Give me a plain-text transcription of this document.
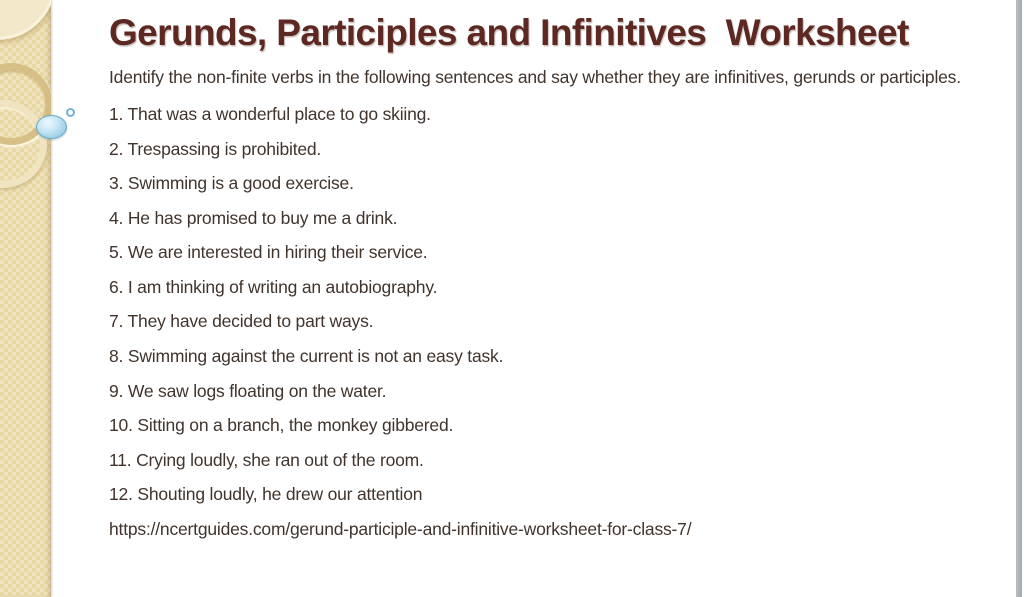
Gerunds, Participles and Infinitives  Worksheet

Identify the non-finite verbs in the following sentences and say whether they are infinitives, gerunds or participles.

1. That was a wonderful place to go skiing.
2. Trespassing is prohibited.
3. Swimming is a good exercise.
4. He has promised to buy me a drink.
5. We are interested in hiring their service.
6. I am thinking of writing an autobiography.
7. They have decided to part ways.
8. Swimming against the current is not an easy task.
9. We saw logs floating on the water.
10. Sitting on a branch, the monkey gibbered.
11. Crying loudly, she ran out of the room.
12. Shouting loudly, he drew our attention
https://ncertguides.com/gerund-participle-and-infinitive-worksheet-for-class-7/
